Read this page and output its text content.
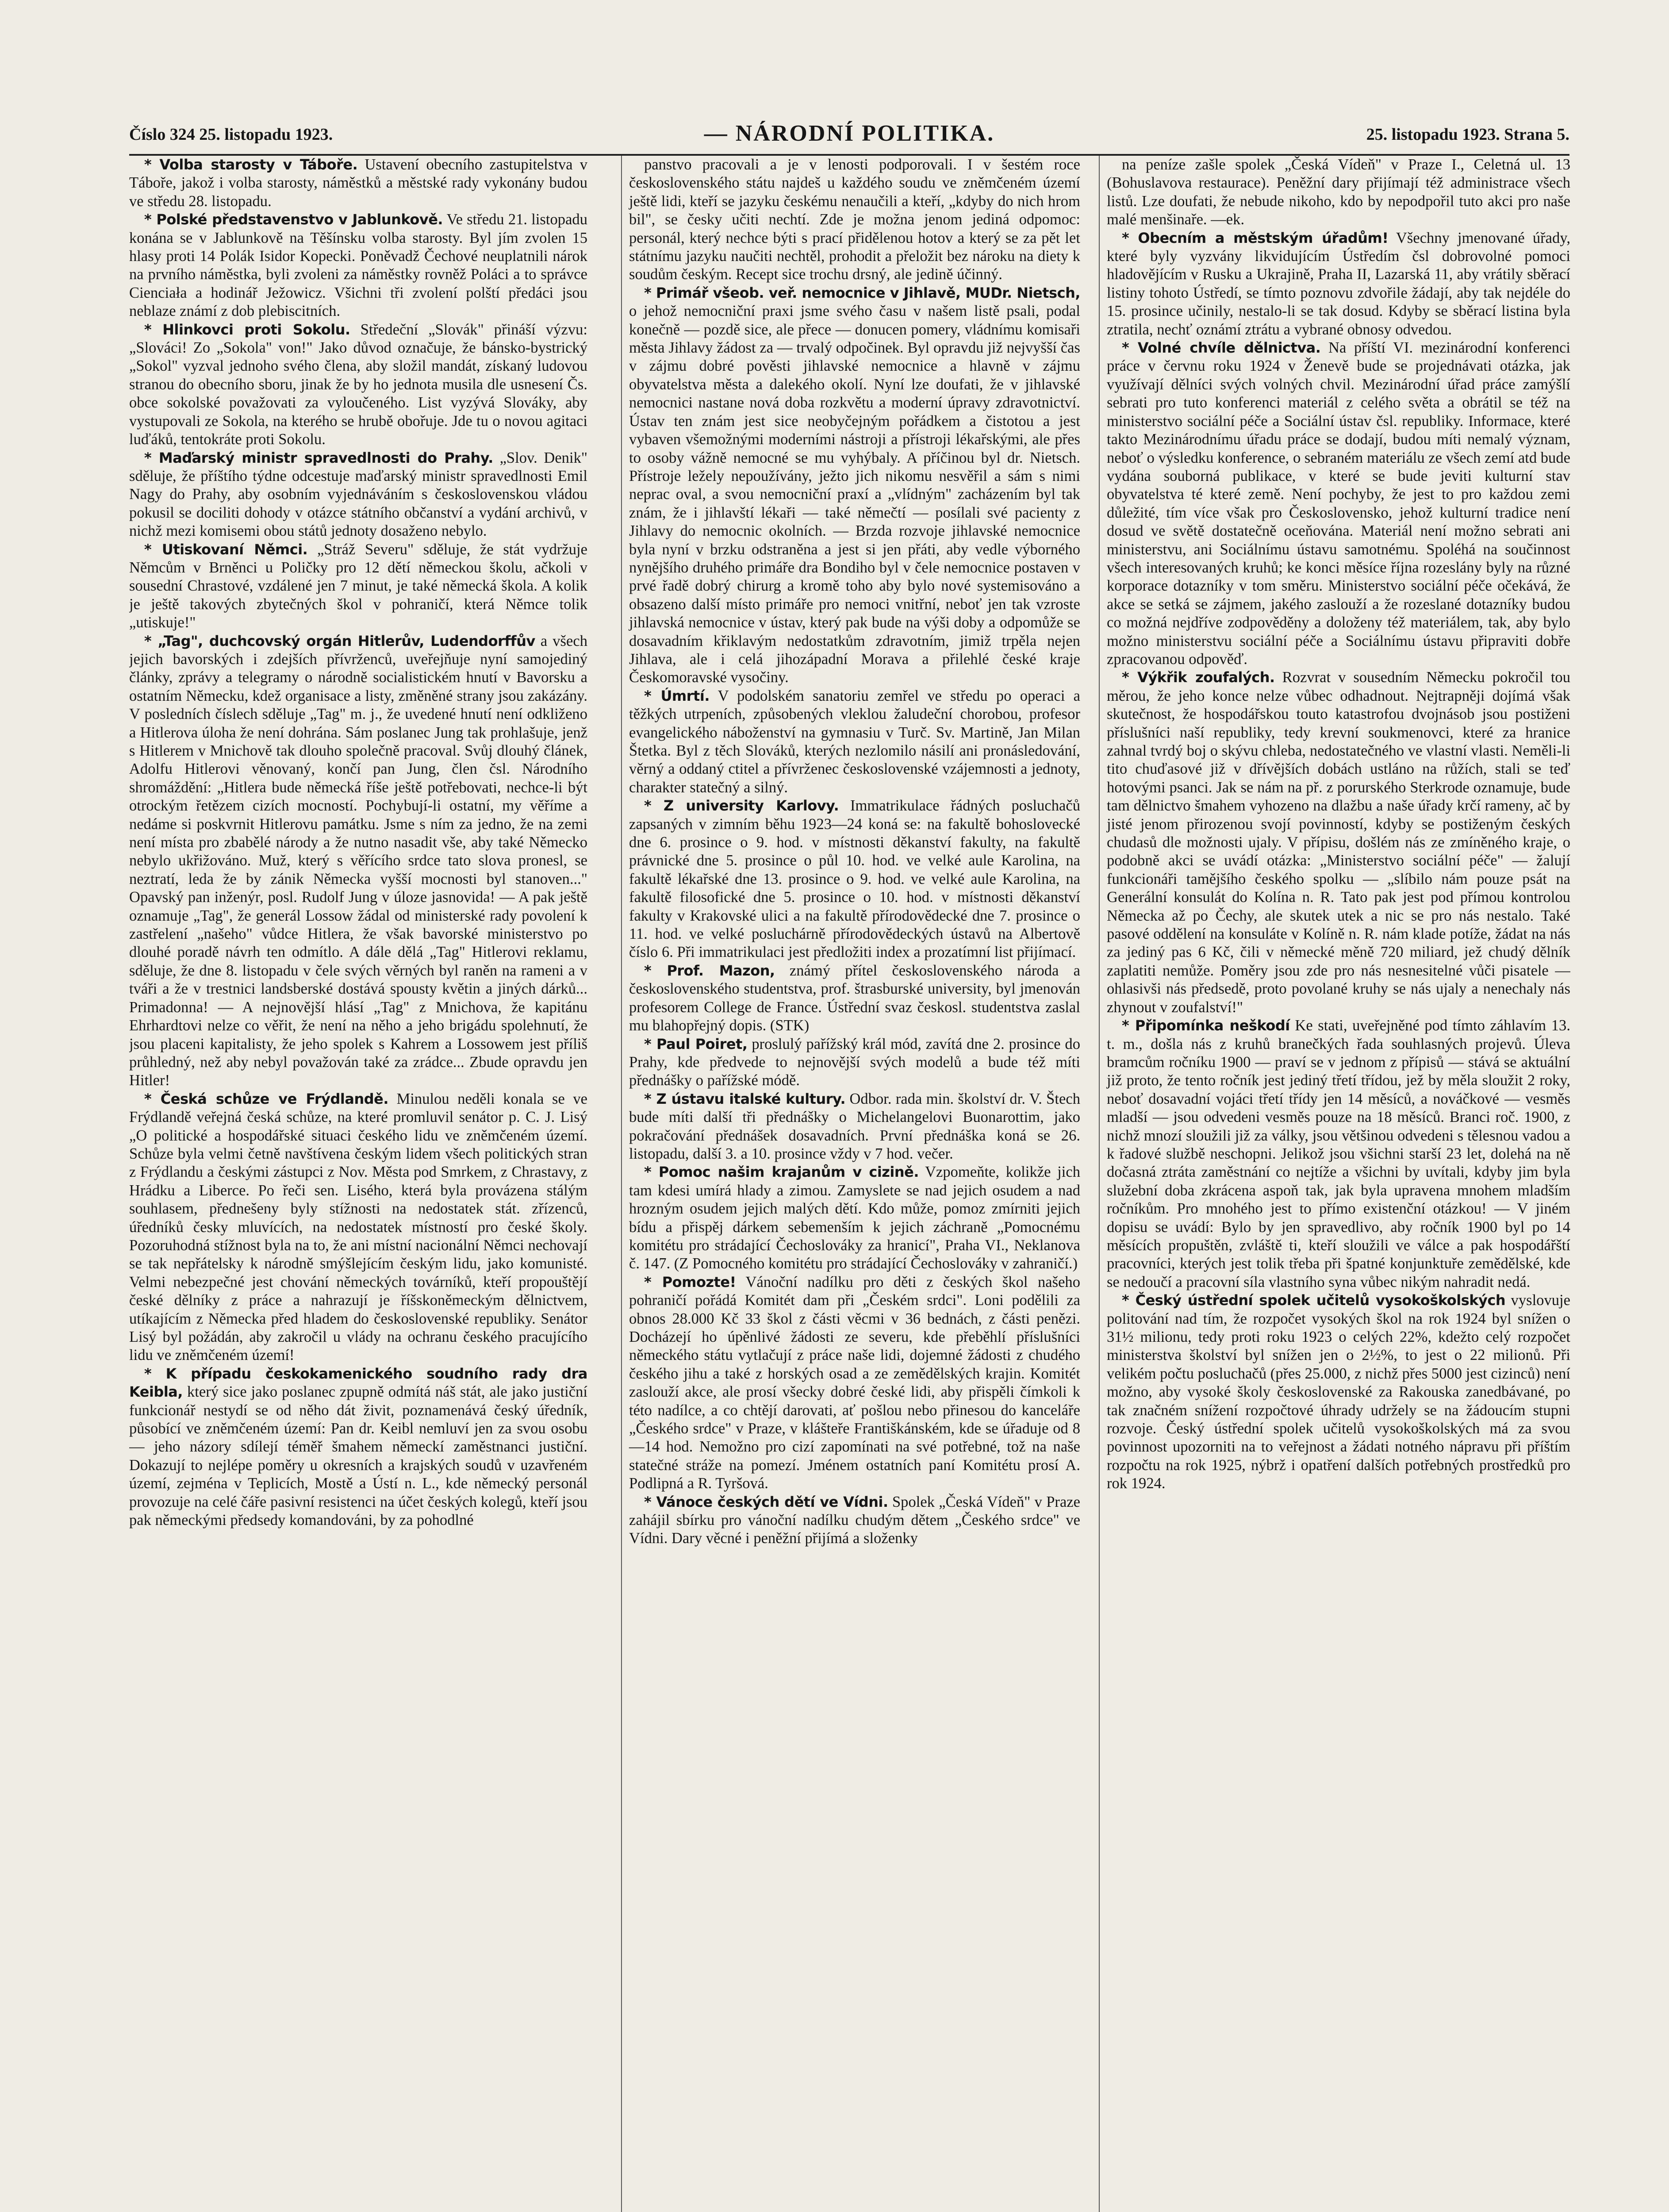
Číslo 324 25. listopadu 1923.	— NÁRODNÍ POLITIKA.	25. listopadu 1923. Strana 5.

* Volba starosty v Táboře. Ustavení obecního zastupitelstva v Táboře, jakož i volba starosty, náměstků a městské rady vykonány budou ve středu 28. listopadu.

* Polské představenstvo v Jablunkově. Ve středu 21. listopadu konána se v Jablunkově na Těšínsku volba starosty. Byl jím zvolen 15 hlasy proti 14 Polák Isidor Kopecki. Poněvadž Čechové neuplatnili nárok na prvního náměstka, byli zvoleni za náměstky rovněž Poláci a to správce Cienciała a hodinář Ježowicz. Všichni tři zvolení polští předáci jsou neblaze známí z dob plebiscitních.

* Hlinkovci proti Sokolu. Středeční „Slovák" přináší výzvu: „Slováci! Zo „Sokola" von!" Jako důvod označuje, že bánsko-bystrický „Sokol" vyzval jednoho svého člena, aby složil mandát, získaný ludovou stranou do obecního sboru, jinak že by ho jednota musila dle usnesení Čs. obce sokolské považovati za vyloučeného. List vyzývá Slováky, aby vystupovali ze Sokola, na kterého se hrubě obořuje. Jde tu o novou agitaci luďáků, tentokráte proti Sokolu.

* Maďarský ministr spravedlnosti do Prahy. „Slov. Denik" sděluje, že příštího týdne odcestuje maďarský ministr spravedlnosti Emil Nagy do Prahy, aby osobním vyjednáváním s československou vládou pokusil se dociliti dohody v otázce státního občanství a vydání archivů, v nichž mezi komisemi obou států jednoty dosaženo nebylo.

* Utiskovaní Němci. „Stráž Severu" sděluje, že stát vydržuje Němcům v Brněnci u Poličky pro 12 dětí německou školu, ačkoli v sousední Chrastové, vzdálené jen 7 minut, je také německá škola. A kolik je ještě takových zbytečných škol v pohraničí, která Němce tolik „utiskuje!"

* „Tag", duchcovský orgán Hitlerův, Ludendorffův a všech jejich bavorských i zdejších přívrženců, uveřejňuje nyní samojediný články, zprávy a telegramy o národně socialistickém hnutí v Bavorsku a ostatním Německu, kdež organisace a listy, změněné strany jsou zakázány. V posledních číslech sděluje „Tag" m. j., že uvedené hnutí není odkliženo a Hitlerova úloha že není dohrána. Sám poslanec Jung tak prohlašuje, jenž s Hitlerem v Mnichově tak dlouho společně pracoval. Svůj dlouhý článek, Adolfu Hitlerovi věnovaný, končí pan Jung, člen čsl. Národního shromáždění: „Hitlera bude německá říše ještě potřebovati, nechce-li být otrockým řetězem cizích mocností. Pochybují-li ostatní, my věříme a nedáme si poskvrnit Hitlerovu památku. Jsme s ním za jedno, že na zemi není místa pro zbabělé národy a že nutno nasadit vše, aby také Německo nebylo ukřižováno. Muž, který s věřícího srdce tato slova pronesl, se neztratí, leda že by zánik Německa vyšší mocnosti byl stanoven..." Opavský pan inženýr, posl. Rudolf Jung v úloze jasnovida! — A pak ještě oznamuje „Tag", že generál Lossow žádal od ministerské rady povolení k zastřelení „našeho" vůdce Hitlera, že však bavorské ministerstvo po dlouhé poradě návrh ten odmítlo. A dále dělá „Tag" Hitlerovi reklamu, sděluje, že dne 8. listopadu v čele svých věrných byl raněn na rameni a v tváři a že v trestnici landsberské dostává spousty květin a jiných dárků... Primadonna! — A nejnovější hlásí „Tag" z Mnichova, že kapitánu Ehrhardtovi nelze co věřit, že není na něho a jeho brigádu spolehnutí, že jsou placeni kapitalisty, že jeho spolek s Kahrem a Lossowem jest příliš průhledný, než aby nebyl považován také za zrádce... Zbude opravdu jen Hitler!

* Česká schůze ve Frýdlandě. Minulou neděli konala se ve Frýdlandě veřejná česká schůze, na které promluvil senátor p. C. J. Lisý „O politické a hospodářské situaci českého lidu ve zněmčeném území. Schůze byla velmi četně navštívena českým lidem všech politických stran z Frýdlandu a českými zástupci z Nov. Města pod Smrkem, z Chrastavy, z Hrádku a Liberce. Po řeči sen. Lisého, která byla provázena stálým souhlasem, přednešeny byly stížnosti na nedostatek stát. zřízenců, úředníků česky mluvících, na nedostatek místností pro české školy. Pozoruhodná stížnost byla na to, že ani místní nacionální Němci nechovají se tak nepřátelsky k národně smýšlejícím českým lidu, jako komunisté. Velmi nebezpečné jest chování německých továrníků, kteří propouštějí české dělníky z práce a nahrazují je říšskoněmeckým dělnictvem, utíkajícím z Německa před hladem do československé republiky. Senátor Lisý byl požádán, aby zakročil u vlády na ochranu českého pracujícího lidu ve zněmčeném území!

* K případu českokamenického soudního rady dra Keibla, který sice jako poslanec zpupně odmítá náš stát, ale jako justiční funkcionář nestydí se od něho dát živit, poznamenává český úředník, působící ve zněmčeném území: Pan dr. Keibl nemluví jen za svou osobu — jeho názory sdílejí téměř šmahem německí zaměstnanci justiční. Dokazují to nejlépe poměry u okresních a krajských soudů v uzavřeném území, zejména v Teplicích, Mostě a Ústí n. L., kde německý personál provozuje na celé čáře pasivní resistenci na účet českých kolegů, kteří jsou pak německými předsedy komandováni, by za pohodlné

panstvo pracovali a je v lenosti podporovali. I v šestém roce československého státu najdeš u každého soudu ve zněmčeném území ještě lidi, kteří se jazyku českému nenaučili a kteří, „kdyby do nich hrom bil", se česky učiti nechtí. Zde je možna jenom jediná odpomoc: personál, který nechce býti s prací přidělenou hotov a který se za pět let státnímu jazyku naučiti nechtěl, prohodit a přeložit bez nároku na diety k soudům českým. Recept sice trochu drsný, ale jedině účinný.

* Primář všeob. veř. nemocnice v Jihlavě, MUDr. Nietsch, o jehož nemocniční praxi jsme svého času v našem listě psali, podal konečně — pozdě sice, ale přece — donucen pomery, vládnímu komisaři města Jihlavy žádost za — trvalý odpočinek. Byl opravdu již nejvyšší čas v zájmu dobré pověsti jihlavské nemocnice a hlavně v zájmu obyvatelstva města a dalekého okolí. Nyní lze doufati, že v jihlavské nemocnici nastane nová doba rozkvětu a moderní úpravy zdravotnictví. Ústav ten znám jest sice neobyčejným pořádkem a čistotou a jest vybaven všemožnými moderními nástroji a přístroji lékařskými, ale přes to osoby vážně nemocné se mu vyhýbaly. A příčinou byl dr. Nietsch. Přístroje ležely nepoužívány, ježto jich nikomu nesvěřil a sám s nimi neprac oval, a svou nemocniční praxí a „vlídným" zacházením byl tak znám, že i jihlavští lékaři — také němečtí — posílali své pacienty z Jihlavy do nemocnic okolních. — Brzda rozvoje jihlavské nemocnice byla nyní v brzku odstraněna a jest si jen přáti, aby vedle výborného nynějšího druhého primáře dra Bondiho byl v čele nemocnice postaven v prvé řadě dobrý chirurg a kromě toho aby bylo nové systemisováno a obsazeno další místo primáře pro nemoci vnitřní, neboť jen tak vzroste jihlavská nemocnice v ústav, který pak bude na výši doby a odpomůže se dosavadním křiklavým nedostatkům zdravotním, jimiž trpěla nejen Jihlava, ale i celá jihozápadní Morava a přilehlé české kraje Českomoravské vysočiny.

* Úmrtí. V podolském sanatoriu zemřel ve středu po operaci a těžkých utrpeních, způsobených vleklou žaludeční chorobou, profesor evangelického náboženství na gymnasiu v Turč. Sv. Martině, Jan Milan Štetka. Byl z těch Slováků, kterých nezlomilo násilí ani pronásledování, věrný a oddaný ctitel a přívrženec československé vzájemnosti a jednoty, charakter statečný a silný.

* Z university Karlovy. Immatrikulace řádných posluchačů zapsaných v zimním běhu 1923—24 koná se: na fakultě bohoslovecké dne 6. prosince o 9. hod. v místnosti děkanství fakulty, na fakultě právnické dne 5. prosince o půl 10. hod. ve velké aule Karolina, na fakultě lékařské dne 13. prosince o 9. hod. ve velké aule Karolina, na fakultě filosofické dne 5. prosince o 10. hod. v místnosti děkanství fakulty v Krakovské ulici a na fakultě přírodovědecké dne 7. prosince o 11. hod. ve velké posluchárně přírodovědeckých ústavů na Albertově číslo 6. Při immatrikulaci jest předložiti index a prozatímní list přijímací.

* Prof. Mazon, známý přítel československého národa a československého studentstva, prof. štrasburské university, byl jmenován profesorem College de France. Ústřední svaz českosl. studentstva zaslal mu blahopřejný dopis. (STK)

* Paul Poiret, proslulý pařížský král mód, zavítá dne 2. prosince do Prahy, kde předvede to nejnovější svých modelů a bude též míti přednášky o pařížské módě.

* Z ústavu italské kultury. Odbor. rada min. školství dr. V. Štech bude míti další tři přednášky o Michelangelovi Buonarottim, jako pokračování přednášek dosavadních. První přednáška koná se 26. listopadu, další 3. a 10. prosince vždy v 7 hod. večer.

* Pomoc našim krajanům v cizině. Vzpomeňte, kolikže jich tam kdesi umírá hlady a zimou. Zamyslete se nad jejich osudem a nad hrozným osudem jejich malých dětí. Kdo může, pomoz zmírniti jejich bídu a přispěj dárkem sebemenším k jejich záchraně „Pomocnému komitétu pro strádající Čechoslováky za hranicí", Praha VI., Neklanova č. 147. (Z Pomocného komitétu pro strádající Čechoslováky v zahraničí.)

* Pomozte! Vánoční nadílku pro děti z českých škol našeho pohraničí pořádá Komitét dam při „Českém srdci". Loni podělili za obnos 28.000 Kč 33 škol z části věcmi v 36 bednách, z části penězi. Docházejí ho úpěnlivé žádosti ze severu, kde přeběhlí příslušníci německého státu vytlačují z práce naše lidi, dojemné žádosti z chudého českého jihu a také z horských osad a ze zemědělských krajin. Komitét zaslouží akce, ale prosí všecky dobré české lidi, aby přispěli čímkoli k této nadílce, a co chtějí darovati, ať pošlou nebo přinesou do kanceláře „Českého srdce" v Praze, v klášteře Františkánském, kde se úřaduje od 8—14 hod. Nemožno pro cizí zapomínati na své potřebné, tož na naše statečné stráže na pomezí. Jménem ostatních paní Komitétu prosí A. Podlipná a R. Tyršová.

* Vánoce českých dětí ve Vídni. Spolek „Česká Vídeň" v Praze zahájil sbírku pro vánoční nadílku chudým dětem „Českého srdce" ve Vídni. Dary věcné i peněžní přijímá a složenky

na peníze zašle spolek „Česká Vídeň" v Praze I., Celetná ul. 13 (Bohuslavova restaurace). Peněžní dary přijímají též administrace všech listů. Lze doufati, že nebude nikoho, kdo by nepodpořil tuto akci pro naše malé menšinaře. —ek.

* Obecním a městským úřadům! Všechny jmenované úřady, které byly vyzvány likvidujícím Ústředím čsl dobrovolné pomoci hladovějícím v Rusku a Ukrajině, Praha II, Lazarská 11, aby vrátily sběrací listiny tohoto Ústředí, se tímto poznovu zdvořile žádají, aby tak nejdéle do 15. prosince učinily, nestalo-li se tak dosud. Kdyby se sběrací listina byla ztratila, nechť oznámí ztrátu a vybrané obnosy odvedou.

* Volné chvíle dělnictva. Na příští VI. mezinárodní konferenci práce v červnu roku 1924 v Ženevě bude se projednávati otázka, jak využívají dělníci svých volných chvil. Mezinárodní úřad práce zamýšlí sebrati pro tuto konferenci materiál z celého světa a obrátil se též na ministerstvo sociální péče a Sociální ústav čsl. republiky. Informace, které takto Mezinárodnímu úřadu práce se dodají, budou míti nemalý význam, neboť o výsledku konference, o sebraném materiálu ze všech zemí atd bude vydána souborná publikace, v které se bude jeviti kulturní stav obyvatelstva té které země. Není pochyby, že jest to pro každou zemi důležité, tím více však pro Československo, jehož kulturní tradice není dosud ve světě dostatečně oceňována. Materiál není možno sebrati ani ministerstvu, ani Sociálnímu ústavu samotnému. Spoléhá na součinnost všech interesovaných kruhů; ke konci měsíce října rozeslány byly na různé korporace dotazníky v tom směru. Ministerstvo sociální péče očekává, že akce se setká se zájmem, jakého zaslouží a že rozeslané dotazníky budou co možná nejdříve zodpověděny a doloženy též materiálem, tak, aby bylo možno ministerstvu sociální péče a Sociálnímu ústavu připraviti dobře zpracovanou odpověď.

* Výkřik zoufalých. Rozvrat v sousedním Německu pokročil tou měrou, že jeho konce nelze vůbec odhadnout. Nejtrapněji dojímá však skutečnost, že hospodářskou touto katastrofou dvojnásob jsou postiženi příslušníci naší republiky, tedy krevní soukmenovci, které za hranice zahnal tvrdý boj o skývu chleba, nedostatečného ve vlastní vlasti. Neměli-li tito chuďasové již v dřívějších dobách ustláno na růžích, stali se teď hotovými psanci. Jak se nám na př. z porurského Sterkrode oznamuje, bude tam dělnictvo šmahem vyhozeno na dlažbu a naše úřady krčí rameny, ač by jisté jenom přirozenou svojí povinností, kdyby se postiženým českých chudasů dle možnosti ujaly. V přípisu, došlém nás ze zmíněného kraje, o podobně akci se uvádí otázka: „Ministerstvo sociální péče" — žalují funkcionáři tamějšího českého spolku — „slíbilo nám pouze psát na Generální konsulát do Kolína n. R. Tato pak jest pod přímou kontrolou Německa až po Čechy, ale skutek utek a nic se pro nás nestalo. Také pasové oddělení na konsuláte v Kolíně n. R. nám klade potíže, žádat na nás za jediný pas 6 Kč, čili v německé měně 720 miliard, jež chudý dělník zaplatiti nemůže. Poměry jsou zde pro nás nesnesitelné vůči pisatele — ohlasivši nás předsedě, proto povolané kruhy se nás ujaly a nenechaly nás zhynout v zoufalství!"

* Připomínka neškodí Ke stati, uveřejněné pod tímto záhlavím 13. t. m., došla nás z kruhů branečkých řada souhlasných projevů. Úleva bramcům ročníku 1900 — praví se v jednom z přípisů — stává se aktuální již proto, že tento ročník jest jediný třetí třídou, jež by měla sloužit 2 roky, neboť dosavadní vojáci třetí třídy jen 14 měsíců, a nováčkové — vesměs mladší — jsou odvedeni vesměs pouze na 18 měsíců. Branci roč. 1900, z nichž mnozí sloužili již za války, jsou většinou odvedeni s tělesnou vadou a k řadové službě neschopni. Jelikož jsou všichni starší 23 let, dolehá na ně dočasná ztráta zaměstnání co nejtíže a všichni by uvítali, kdyby jim byla služební doba zkrácena aspoň tak, jak byla upravena mnohem mladším ročníkům. Pro mnohého jest to přímo existenční otázkou! — V jiném dopisu se uvádí: Bylo by jen spravedlivo, aby ročník 1900 byl po 14 měsících propuštěn, zvláště ti, kteří sloužili ve válce a pak hospodářští pracovníci, kterých jest tolik třeba při špatné konjunktuře zemědělské, kde se nedoučí a pracovní síla vlastního syna vůbec nikým nahradit nedá.

* Český ústřední spolek učitelů vysokoškolských vyslovuje politování nad tím, že rozpočet vysokých škol na rok 1924 byl snížen o 31½ milionu, tedy proti roku 1923 o celých 22%, kdežto celý rozpočet ministerstva školství byl snížen jen o 2½%, to jest o 22 milionů. Při velikém počtu posluchačů (přes 25.000, z nichž přes 5000 jest cizinců) není možno, aby vysoké školy československé za Rakouska zanedbávané, po tak značném snížení rozpočtové úhrady udržely se na žádoucím stupni rozvoje. Český ústřední spolek učitelů vysokoškolských má za svou povinnost upozorniti na to veřejnost a žádati notného nápravu při příštím rozpočtu na rok 1925, nýbrž i opatření dalších potřebných prostředků pro rok 1924.
